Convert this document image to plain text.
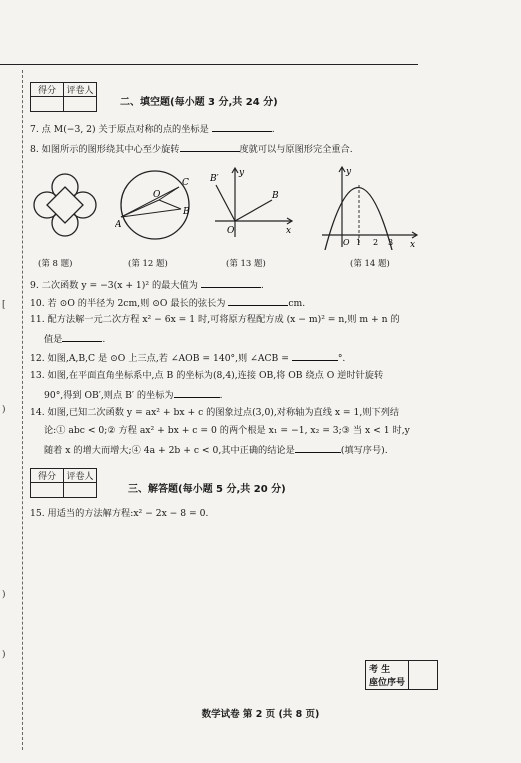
[
)
)
)
得分	评卷人

二、填空题(每小题 3 分,共 24 分)
7. 点 M(−3, 2) 关于原点对称的点的坐标是	.
8. 如图所示的图形绕其中心至少旋转	度就可以与原图形完全重合.
A
C
B
O
y
x
B′
B
O
y
x
O 1 2 3
(第 8 题)	(第 12 题)	(第 13 题)	(第 14 题)
9. 二次函数 y = −3(x + 1)² 的最大值为	.
10. 若 ⊙O 的半径为 2cm,则 ⊙O 最长的弦长为	cm.
11. 配方法解一元二次方程 x² − 6x = 1 时,可将原方程配方成 (x − m)² = n,则 m + n 的
值是	.
12. 如图,A,B,C 是 ⊙O 上三点,若 ∠AOB = 140°,则 ∠ACB =	°.
13. 如图,在平面直角坐标系中,点 B 的坐标为(8,4),连接 OB,将 OB 绕点 O 逆时针旋转
90°,得到 OB′,则点 B′ 的坐标为	.
14. 如图,已知二次函数 y = ax² + bx + c 的图象过点(3,0),对称轴为直线 x = 1,则下列结
论:① abc < 0;② 方程 ax² + bx + c = 0 的两个根是 x₁ = −1, x₂ = 3;③ 当 x < 1 时,y
随着 x 的增大而增大;④ 4a + 2b + c < 0,其中正确的结论是	(填写序号).
得分	评卷人

三、解答题(每小题 5 分,共 20 分)
15. 用适当的方法解方程:x² − 2x − 8 = 0.
考 生
座位序号

数学试卷 第 2 页 (共 8 页)
